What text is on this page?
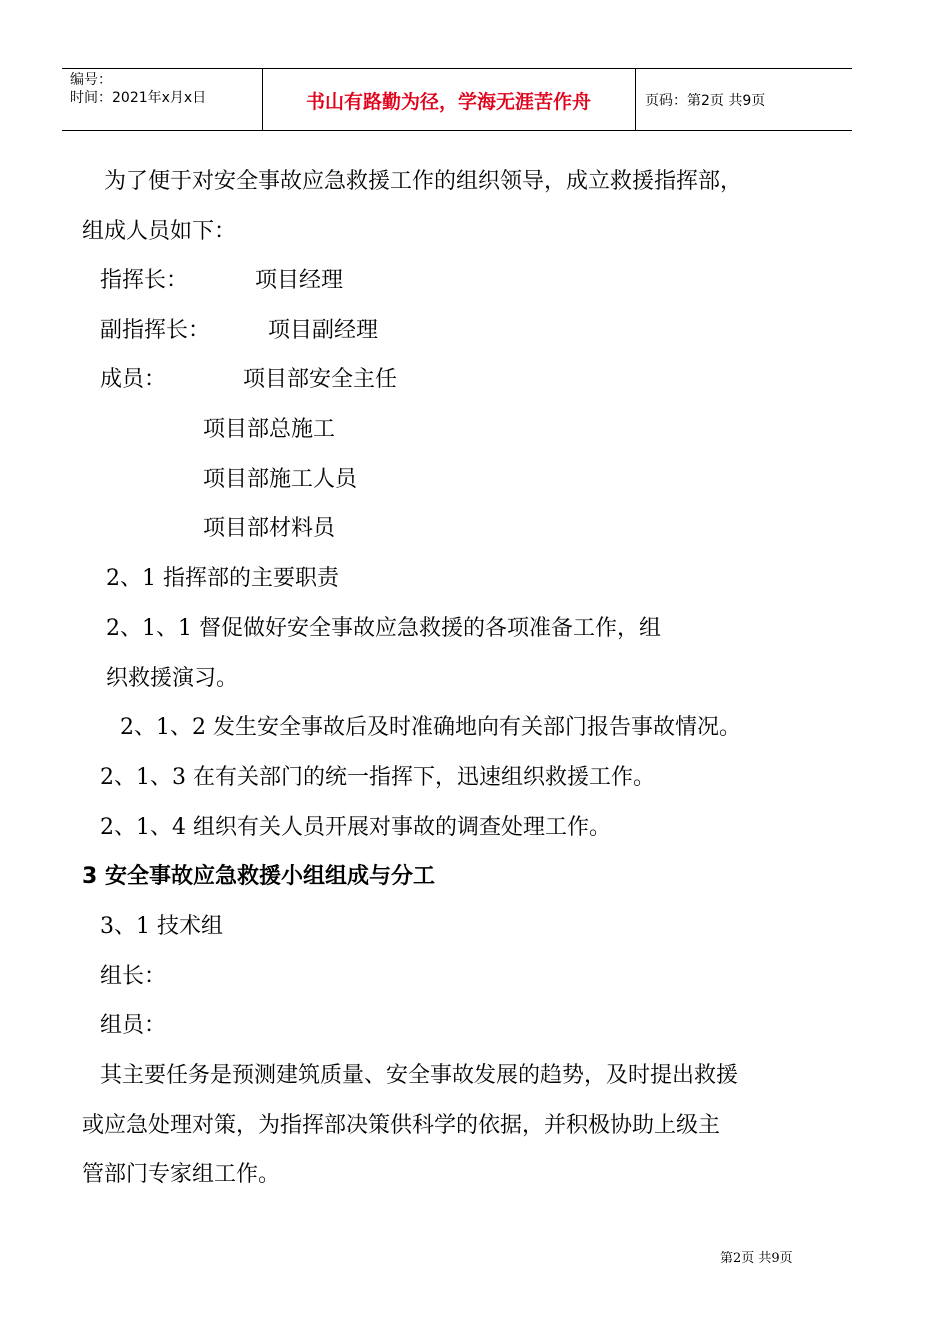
编号：
时间：2021年x月x日	书山有路勤为径，学海无涯苦作舟	页码：第2页 共9页
为了便于对安全事故应急救援工作的组织领导，成立救援指挥部，
组成人员如下：
指挥长：	项目经理
副指挥长：	项目副经理
成员：	项目部安全主任
项目部总施工
项目部施工人员
项目部材料员
2、1 指挥部的主要职责
2、1、1 督促做好安全事故应急救援的各项准备工作，组
织救援演习。
2、1、2 发生安全事故后及时准确地向有关部门报告事故情况。
2、1、3 在有关部门的统一指挥下，迅速组织救援工作。
2、1、4 组织有关人员开展对事故的调查处理工作。
3 安全事故应急救援小组组成与分工
3、1 技术组
组长：
组员：
其主要任务是预测建筑质量、安全事故发展的趋势，及时提出救援
或应急处理对策，为指挥部决策供科学的依据，并积极协助上级主
管部门专家组工作。
第2页 共9页
